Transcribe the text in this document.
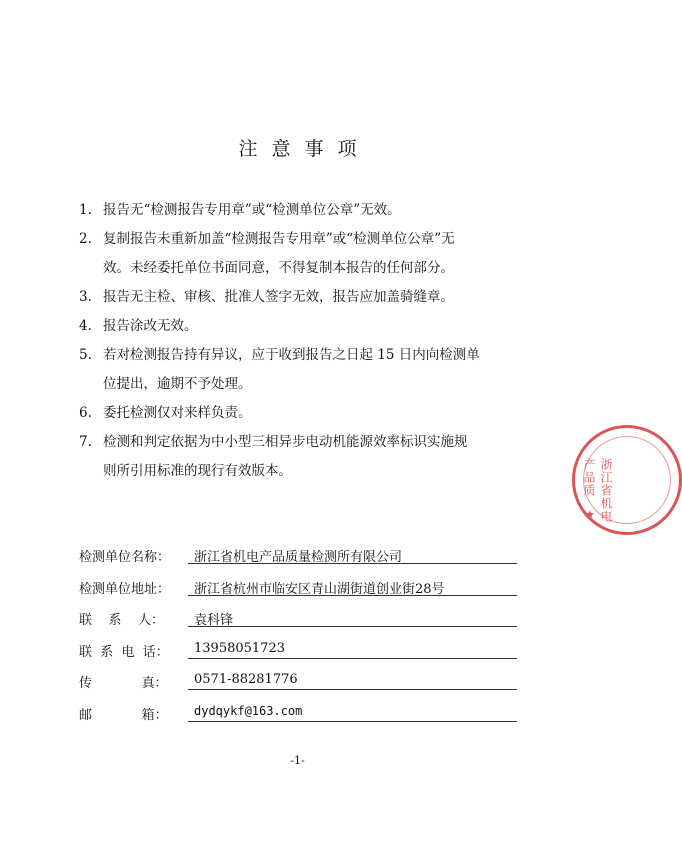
注意事项
1. 报告无“检测报告专用章”或“检测单位公章”无效。
2. 复制报告未重新加盖“检测报告专用章”或“检测单位公章”无
效。未经委托单位书面同意，不得复制本报告的任何部分。
3. 报告无主检、审核、批准人签字无效，报告应加盖骑缝章。
4. 报告涂改无效。
5. 若对检测报告持有异议，应于收到报告之日起 15 日内向检测单
位提出，逾期不予处理。
6. 委托检测仅对来样负责。
7. 检测和判定依据为中小型三相异步电动机能源效率标识实施规
则所引用标准的现行有效版本。
检测单位名称：	浙江省机电产品质量检测所有限公司
检测单位地址：	浙江省杭州市临安区青山湖街道创业街28号
联    系    人：	袁科锋
联  系  电  话：	13958051723
传            真：	0571-88281776
邮            箱：	dydqykf@163.com
-1-
浙江省机电产品质
★
